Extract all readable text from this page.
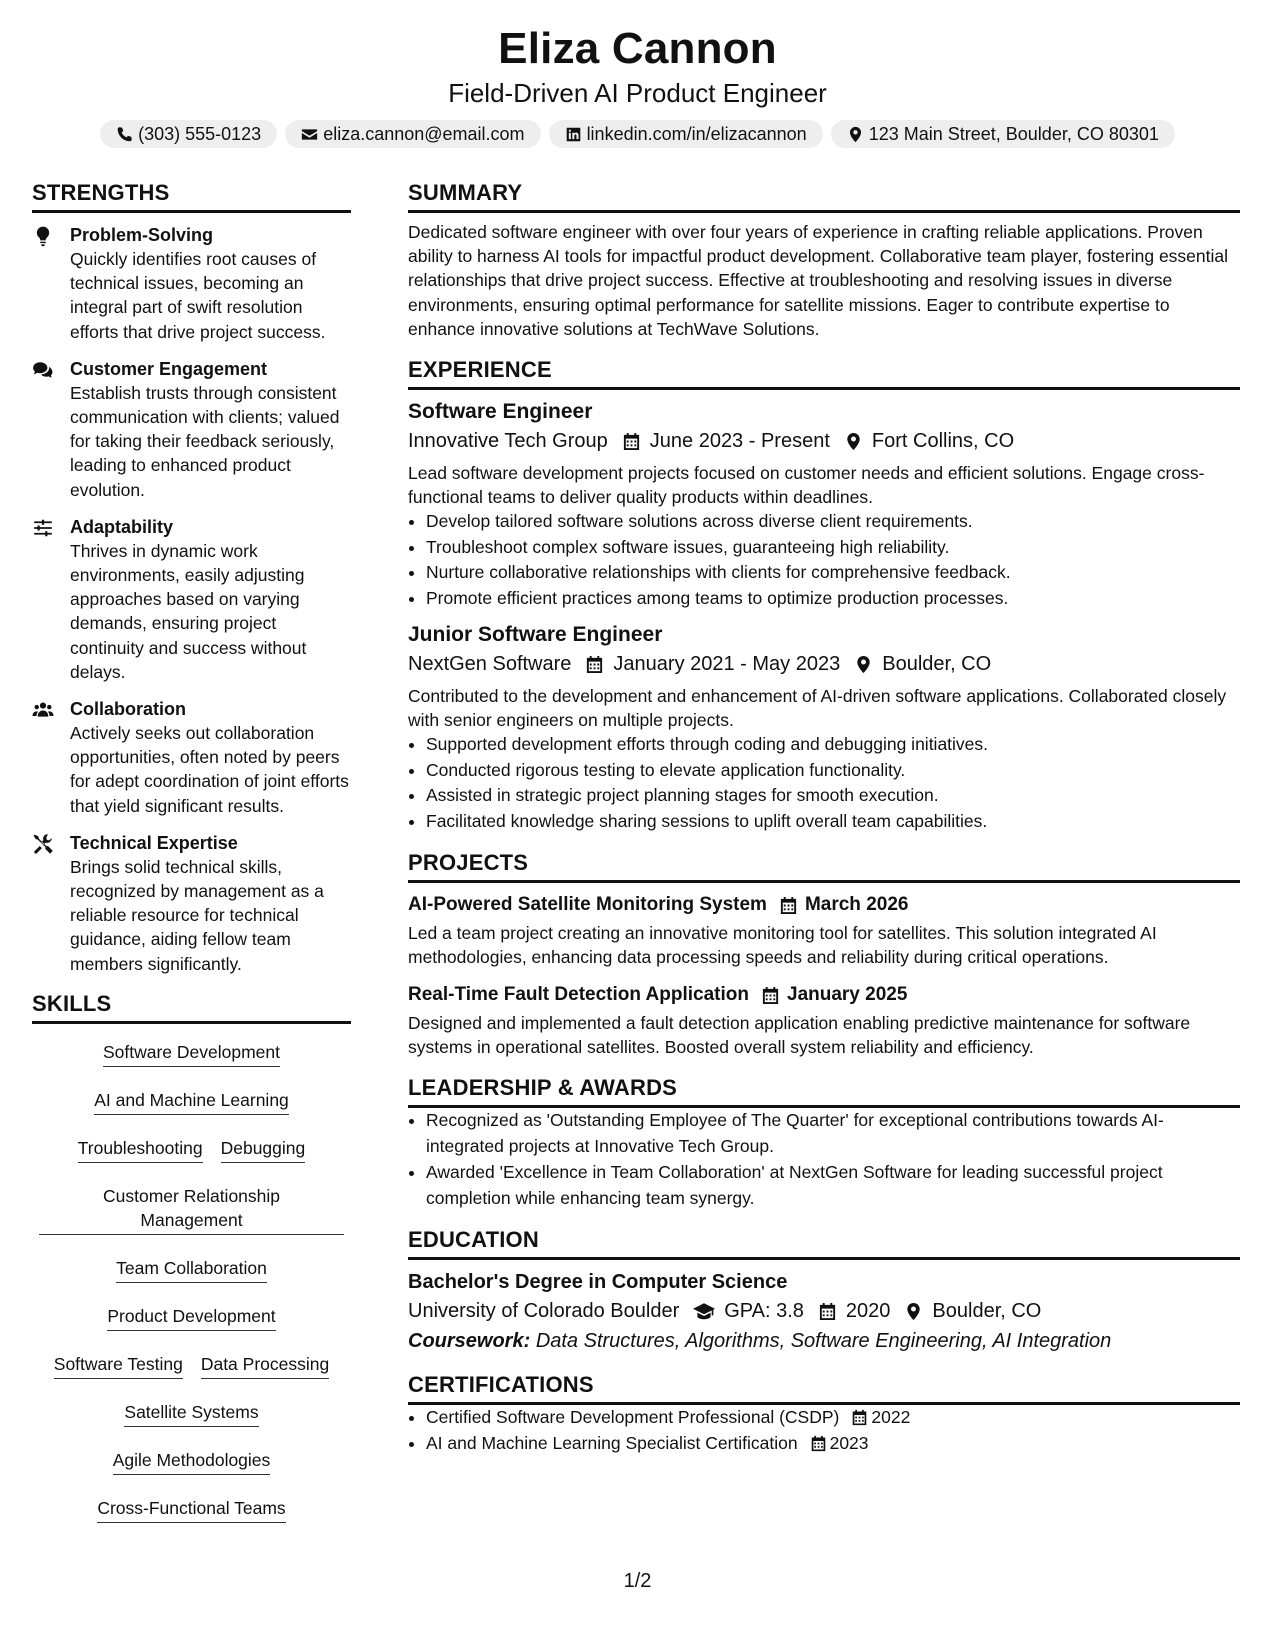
Eliza Cannon
Field-Driven AI Product Engineer
(303) 555-0123	eliza.cannon@email.com	linkedin.com/in/elizacannon	123 Main Street, Boulder, CO 80301
STRENGTHS
Problem-Solving
Quickly identifies root causes of technical issues, becoming an integral part of swift resolution efforts that drive project success.
Customer Engagement
Establish trusts through consistent communication with clients; valued for taking their feedback seriously, leading to enhanced product evolution.
Adaptability
Thrives in dynamic work environments, easily adjusting approaches based on varying demands, ensuring project continuity and success without delays.
Collaboration
Actively seeks out collaboration opportunities, often noted by peers for adept coordination of joint efforts that yield significant results.
Technical Expertise
Brings solid technical skills, recognized by management as a reliable resource for technical guidance, aiding fellow team members significantly.
SKILLS
Software Development
AI and Machine Learning
Troubleshooting Debugging
Customer Relationship Management
Team Collaboration
Product Development
Software Testing Data Processing
Satellite Systems
Agile Methodologies
Cross-Functional Teams
SUMMARY
Dedicated software engineer with over four years of experience in crafting reliable applications. Proven ability to harness AI tools for impactful product development. Collaborative team player, fostering essential relationships that drive project success. Effective at troubleshooting and resolving issues in diverse environments, ensuring optimal performance for satellite missions. Eager to contribute expertise to enhance innovative solutions at TechWave Solutions.
EXPERIENCE
Software Engineer
Innovative Tech Group June 2023 - Present Fort Collins, CO
Lead software development projects focused on customer needs and efficient solutions. Engage cross-functional teams to deliver quality products within deadlines.
• Develop tailored software solutions across diverse client requirements.
• Troubleshoot complex software issues, guaranteeing high reliability.
• Nurture collaborative relationships with clients for comprehensive feedback.
• Promote efficient practices among teams to optimize production processes.
Junior Software Engineer
NextGen Software January 2021 - May 2023 Boulder, CO
Contributed to the development and enhancement of AI-driven software applications. Collaborated closely with senior engineers on multiple projects.
• Supported development efforts through coding and debugging initiatives.
• Conducted rigorous testing to elevate application functionality.
• Assisted in strategic project planning stages for smooth execution.
• Facilitated knowledge sharing sessions to uplift overall team capabilities.
PROJECTS
AI-Powered Satellite Monitoring System March 2026
Led a team project creating an innovative monitoring tool for satellites. This solution integrated AI methodologies, enhancing data processing speeds and reliability during critical operations.
Real-Time Fault Detection Application January 2025
Designed and implemented a fault detection application enabling predictive maintenance for software systems in operational satellites. Boosted overall system reliability and efficiency.
LEADERSHIP & AWARDS
• Recognized as 'Outstanding Employee of The Quarter' for exceptional contributions towards AI-integrated projects at Innovative Tech Group.
• Awarded 'Excellence in Team Collaboration' at NextGen Software for leading successful project completion while enhancing team synergy.
EDUCATION
Bachelor's Degree in Computer Science
University of Colorado Boulder GPA: 3.8 2020 Boulder, CO
Coursework: Data Structures, Algorithms, Software Engineering, AI Integration
CERTIFICATIONS
• Certified Software Development Professional (CSDP) 2022
• AI and Machine Learning Specialist Certification 2023
1/2
